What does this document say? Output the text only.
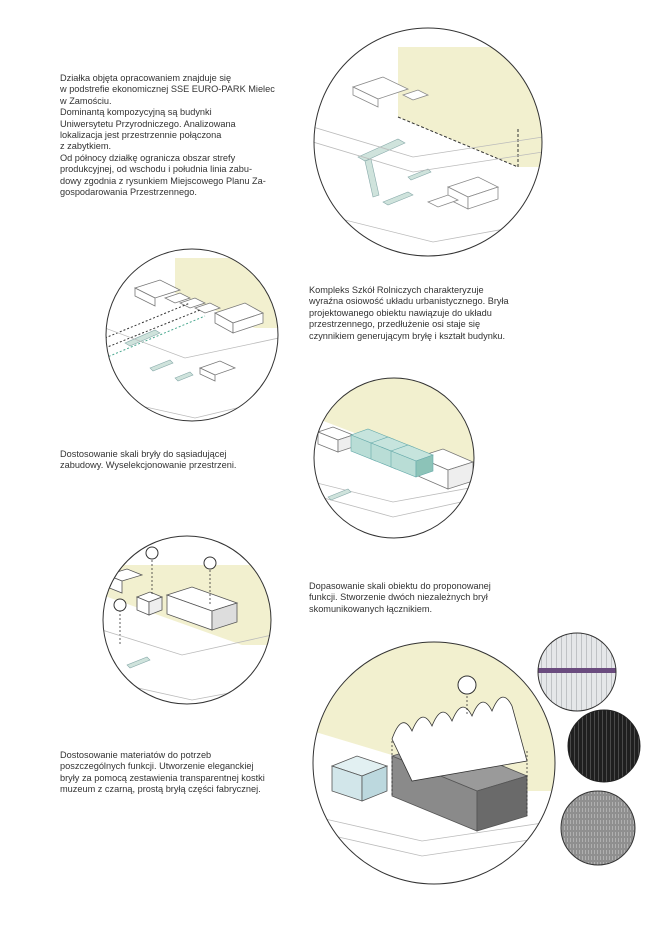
Działka objęta opracowaniem znajduje się
w podstrefie ekonomicznej SSE EURO-PARK Mielec
w Zamościu.
Dominantą kompozycyjną są budynki
Uniwersytetu Przyrodniczego. Analizowana
lokalizacja jest przestrzennie połączona
z zabytkiem.
Od północy działkę ogranicza obszar strefy
produkcyjnej, od wschodu i południa linia zabu-
dowy zgodnia z rysunkiem Miejscowego Planu Za-
gospodarowania Przestrzennego.

Kompleks Szkół Rolniczych charakteryzuje
wyraźna osiowość układu urbanistycznego. Bryła
projektowanego obiektu nawiązuje do układu
przestrzennego, przedłużenie osi staje się
czynnikiem generującym bryłę i kształt budynku.

Dostosowanie skali bryły do sąsiadującej
zabudowy. Wyselekcjonowanie przestrzeni.

Dopasowanie skali obiektu do proponowanej
funkcji. Stworzenie dwóch niezależnych brył
skomunikowanych łącznikiem.

Dostosowanie materiatów do potrzeb
poszczególnych funkcji. Utworzenie eleganckiej
bryły za pomocą zestawienia transparentnej kostki
muzeum z czarną, prostą bryłą części fabrycznej.
